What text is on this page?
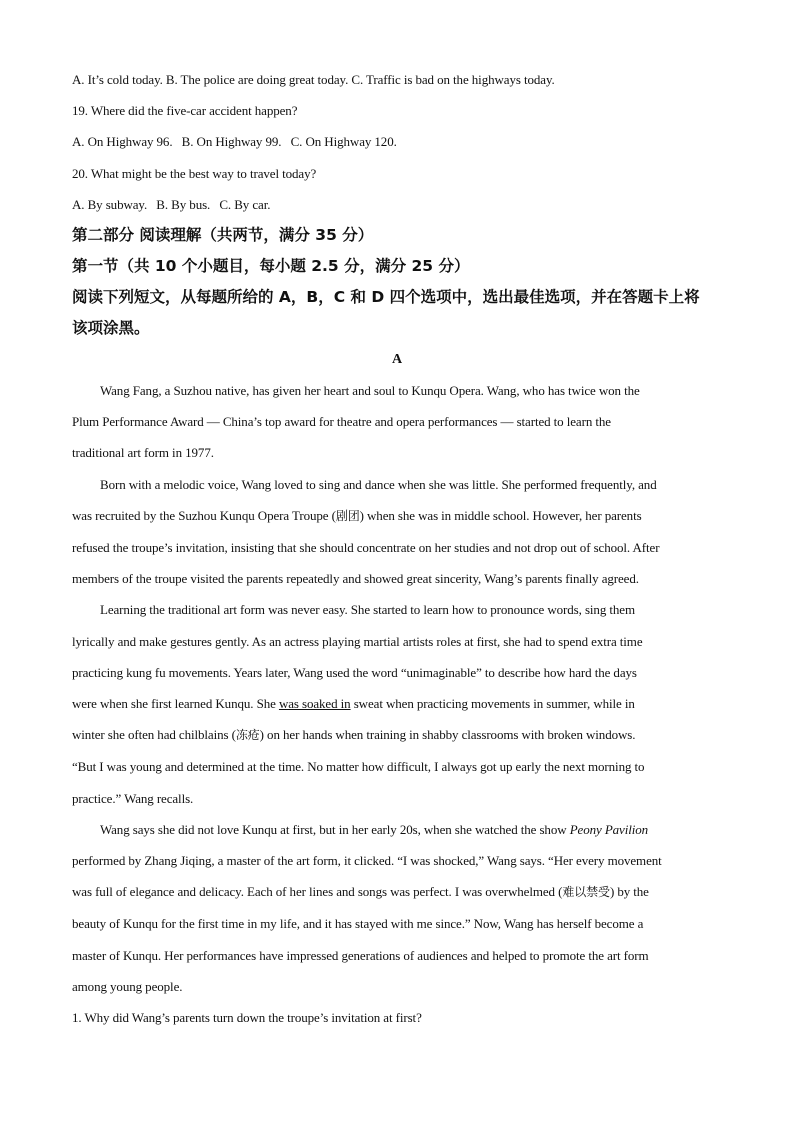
A. It’s cold today. B. The police are doing great today. C. Traffic is bad on the highways today.
19. Where did the five-car accident happen?
A. On Highway 96. B. On Highway 99. C. On Highway 120.
20. What might be the best way to travel today?
A. By subway. B. By bus. C. By car.
第二部分 阅读理解（共两节，满分 35 分）
第一节（共 10 个小题目，每小题 2.5 分，满分 25 分）
阅读下列短文，从每题所给的 A，B，C 和 D 四个选项中，选出最佳选项，并在答题卡上将
该项涂黑。
A
Wang Fang, a Suzhou native, has given her heart and soul to Kunqu Opera. Wang, who has twice won the
Plum Performance Award — China’s top award for theatre and opera performances — started to learn the
traditional art form in 1977.
Born with a melodic voice, Wang loved to sing and dance when she was little. She performed frequently, and
was recruited by the Suzhou Kunqu Opera Troupe (剧团) when she was in middle school. However, her parents
refused the troupe’s invitation, insisting that she should concentrate on her studies and not drop out of school. After
members of the troupe visited the parents repeatedly and showed great sincerity, Wang’s parents finally agreed.
Learning the traditional art form was never easy. She started to learn how to pronounce words, sing them
lyrically and make gestures gently. As an actress playing martial artists roles at first, she had to spend extra time
practicing kung fu movements. Years later, Wang used the word “unimaginable” to describe how hard the days
were when she first learned Kunqu. She was soaked in sweat when practicing movements in summer, while in
winter she often had chilblains (冻疮) on her hands when training in shabby classrooms with broken windows.
“But I was young and determined at the time. No matter how difficult, I always got up early the next morning to
practice.” Wang recalls.
Wang says she did not love Kunqu at first, but in her early 20s, when she watched the show Peony Pavilion
performed by Zhang Jiqing, a master of the art form, it clicked. “I was shocked,” Wang says. “Her every movement
was full of elegance and delicacy. Each of her lines and songs was perfect. I was overwhelmed (难以禁受) by the
beauty of Kunqu for the first time in my life, and it has stayed with me since.” Now, Wang has herself become a
master of Kunqu. Her performances have impressed generations of audiences and helped to promote the art form
among young people.
1. Why did Wang’s parents turn down the troupe’s invitation at first?
